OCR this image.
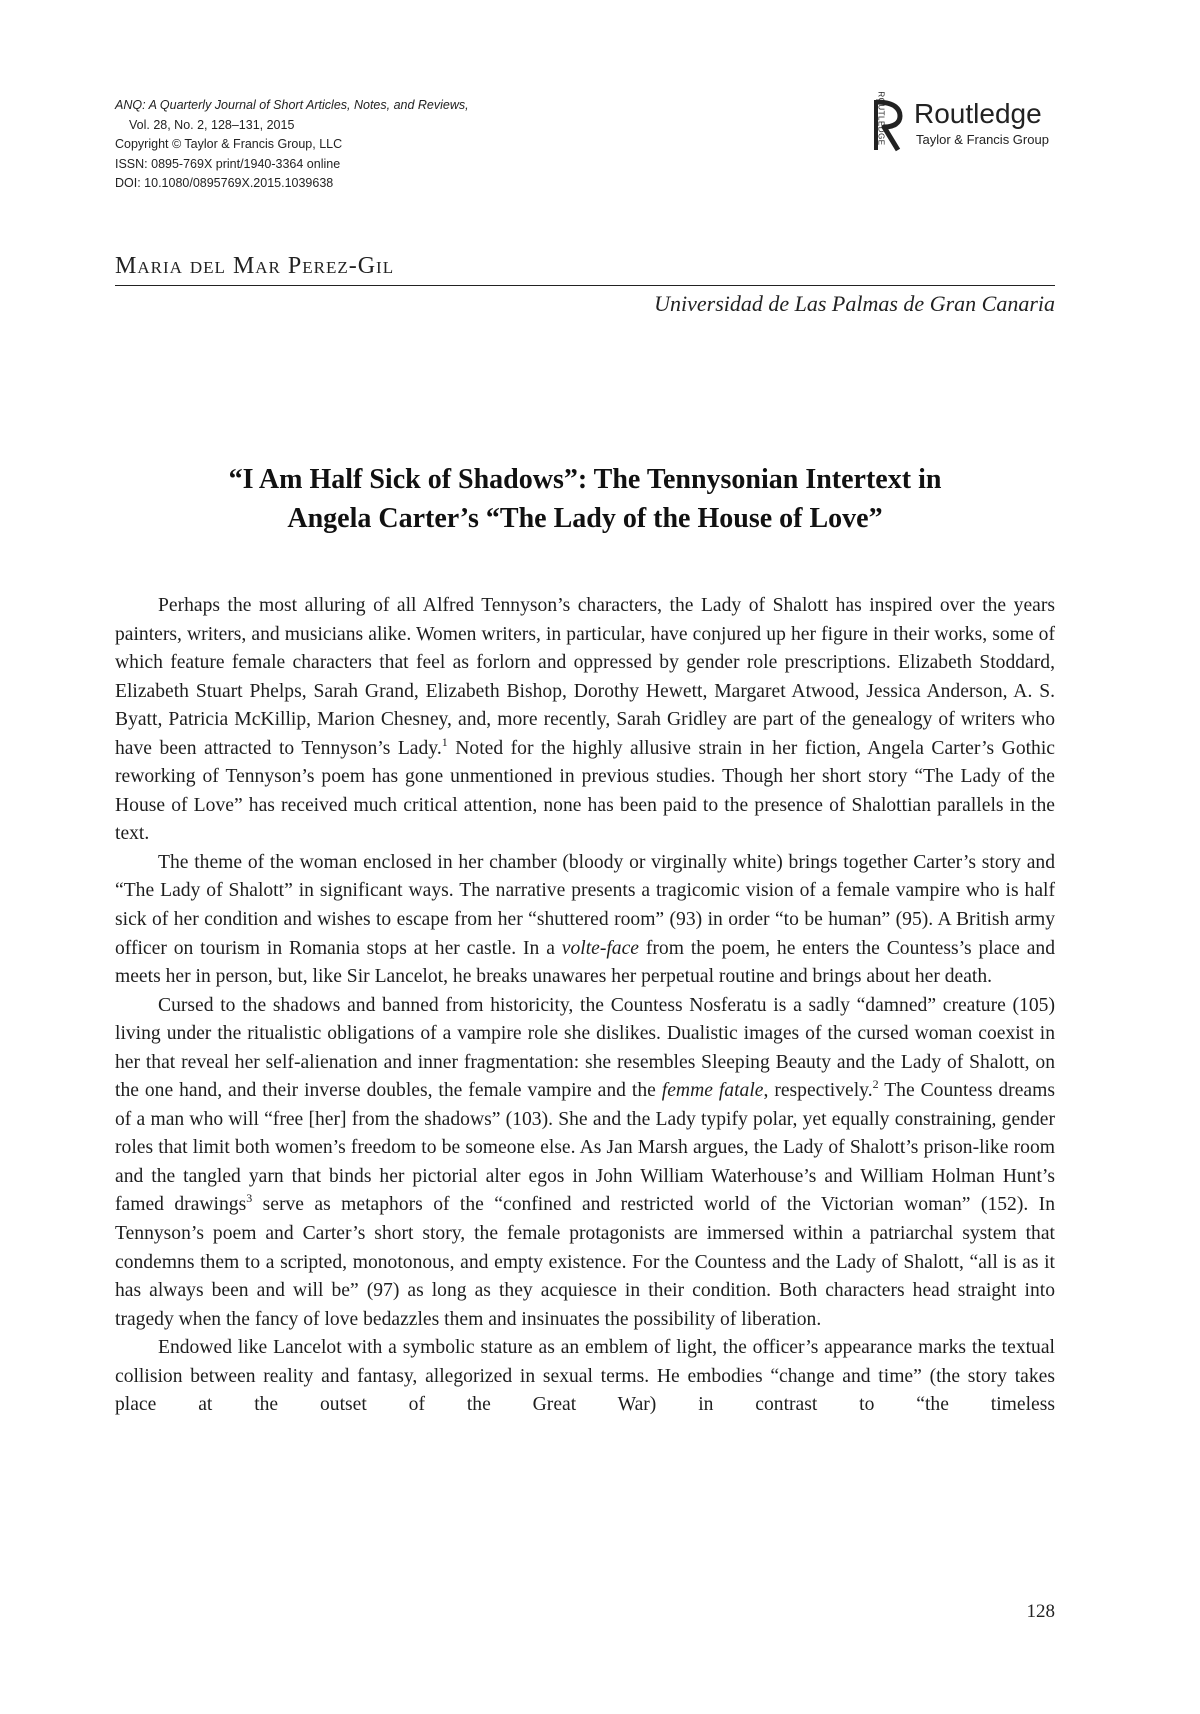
ANQ: A Quarterly Journal of Short Articles, Notes, and Reviews,
Vol. 28, No. 2, 128–131, 2015
Copyright © Taylor & Francis Group, LLC
ISSN: 0895-769X print/1940-3364 online
DOI: 10.1080/0895769X.2015.1039638
ROUTLEDGE Routledge
Taylor & Francis Group
Maria del Mar Perez-Gil
Universidad de Las Palmas de Gran Canaria
“I Am Half Sick of Shadows”: The Tennysonian Intertext in
Angela Carter’s “The Lady of the House of Love”

Perhaps the most alluring of all Alfred Tennyson’s characters, the Lady of Shalott has inspired over the years painters, writers, and musicians alike. Women writers, in particular, have conjured up her figure in their works, some of which feature female characters that feel as forlorn and oppressed by gender role prescriptions. Elizabeth Stoddard, Elizabeth Stuart Phelps, Sarah Grand, Elizabeth Bishop, Dorothy Hewett, Margaret Atwood, Jessica Anderson, A. S. Byatt, Patricia McKillip, Marion Chesney, and, more recently, Sarah Gridley are part of the genealogy of writers who have been attracted to Tennyson’s Lady.$^1$ Noted for the highly allusive strain in her fiction, Angela Carter’s Gothic reworking of Tennyson’s poem has gone unmentioned in previous studies. Though her short story “The Lady of the House of Love” has received much critical attention, none has been paid to the presence of Shalottian parallels in the text.

The theme of the woman enclosed in her chamber (bloody or virginally white) brings together Carter’s story and “The Lady of Shalott” in significant ways. The narrative presents a tragicomic vision of a female vampire who is half sick of her condition and wishes to escape from her “shuttered room” (93) in order “to be human” (95). A British army officer on tourism in Romania stops at her castle. In a volte-face from the poem, he enters the Countess’s place and meets her in person, but, like Sir Lancelot, he breaks unawares her perpetual routine and brings about her death.

Cursed to the shadows and banned from historicity, the Countess Nosferatu is a sadly “damned” creature (105) living under the ritualistic obligations of a vampire role she dislikes. Dualistic images of the cursed woman coexist in her that reveal her self-alienation and inner fragmentation: she resembles Sleeping Beauty and the Lady of Shalott, on the one hand, and their inverse doubles, the female vampire and the femme fatale, respectively.$^2$ The Countess dreams of a man who will “free [her] from the shadows” (103). She and the Lady typify polar, yet equally constraining, gender roles that limit both women’s freedom to be someone else. As Jan Marsh argues, the Lady of Shalott’s prison-like room and the tangled yarn that binds her pictorial alter egos in John William Waterhouse’s and William Holman Hunt’s famed drawings$^3$ serve as metaphors of the “confined and restricted world of the Victorian woman” (152). In Tennyson’s poem and Carter’s short story, the female protagonists are immersed within a patriarchal system that condemns them to a scripted, monotonous, and empty existence. For the Countess and the Lady of Shalott, “all is as it has always been and will be” (97) as long as they acquiesce in their condition. Both characters head straight into tragedy when the fancy of love bedazzles them and insinuates the possibility of liberation.

Endowed like Lancelot with a symbolic stature as an emblem of light, the officer’s appearance marks the textual collision between reality and fantasy, allegorized in sexual terms. He embodies “change and time” (the story takes place at the outset of the Great War) in contrast to “the timeless

128
